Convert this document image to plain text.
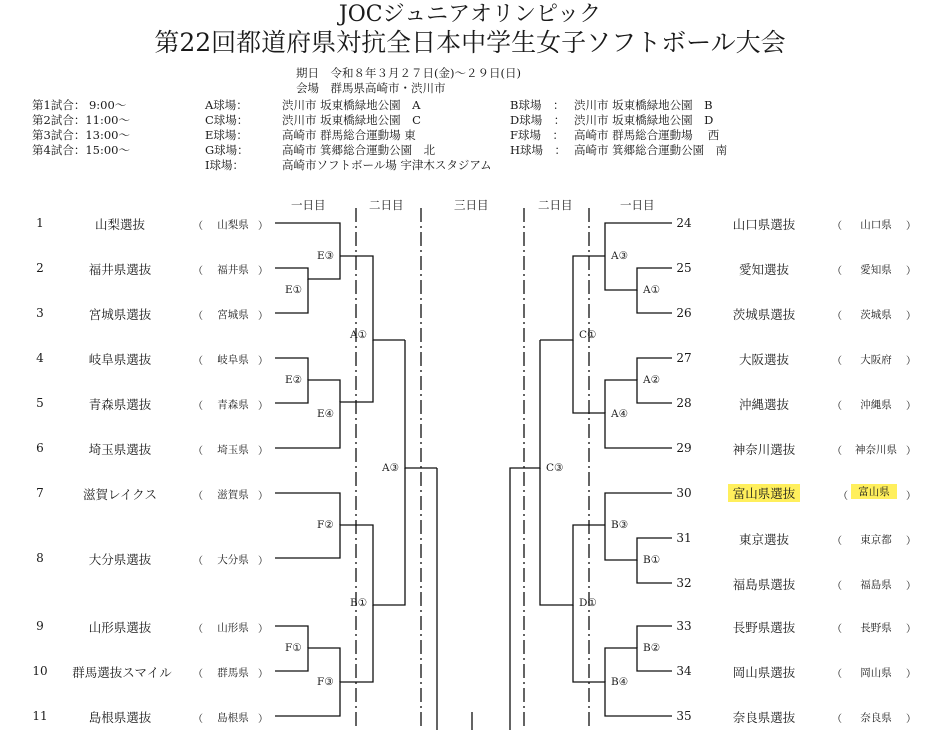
JOCジュニアオリンピック
第22回都道府県対抗全日本中学生女子ソフトボール大会
期日　令和８年３月２７日(金)～２９日(日)
会場　群馬県高崎市・渋川市
第1試合： 9:00～
第2試合：11:00～
第3試合：13:00～
第4試合：15:00～
A球場：	渋川市 坂東橋緑地公園　A	B球場　： 渋川市 坂東橋緑地公園　B
C球場：	渋川市 坂東橋緑地公園　C	D球場　： 渋川市 坂東橋緑地公園　D
E球場：	高崎市 群馬総合運動場 東	F球場　： 高崎市 群馬総合運動場　 西
G球場：	高崎市 箕郷総合運動公園　北	H球場　： 高崎市 箕郷総合運動公園　南
I球場：	高崎市ソフトボール場 宇津木スタジアム
一日目	二日目	三日目	二日目	一日目
E③
E①
A①
E②
E④
A③
F②
B①
F①
F③
A③
A①
C①
A②
A④
C③
B③
B①
D①
B②
B④
1	山梨選抜	（	山梨県 ）
2	福井県選抜	（	福井県 ）
3	宮城県選抜	（	宮城県 ）
4	岐阜県選抜	（	岐阜県 ）
5	青森県選抜	（	青森県 ）
6	埼玉県選抜	（	埼玉県 ）
7	滋賀レイクス	（	滋賀県 ）
8	大分県選抜	（	大分県 ）
9	山形県選抜	（	山形県 ）
10	群馬選抜スマイル	（	群馬県 ）
11	島根県選抜	（	島根県 ）
24	山口県選抜	（	山口県	）
25	愛知選抜	（	愛知県	）
26	茨城県選抜	（	茨城県	）
27	大阪選抜	（	大阪府	）
28	沖縄選抜	（	沖縄県	）
29	神奈川選抜	（	神奈川県 ）
30	富山県選抜	（ 富山県	）
31	東京選抜	（	東京都	）
32	福島県選抜	（	福島県	）
33	長野県選抜	（	長野県	）
34	岡山県選抜	（	岡山県	）
35	奈良県選抜	（	奈良県	）
